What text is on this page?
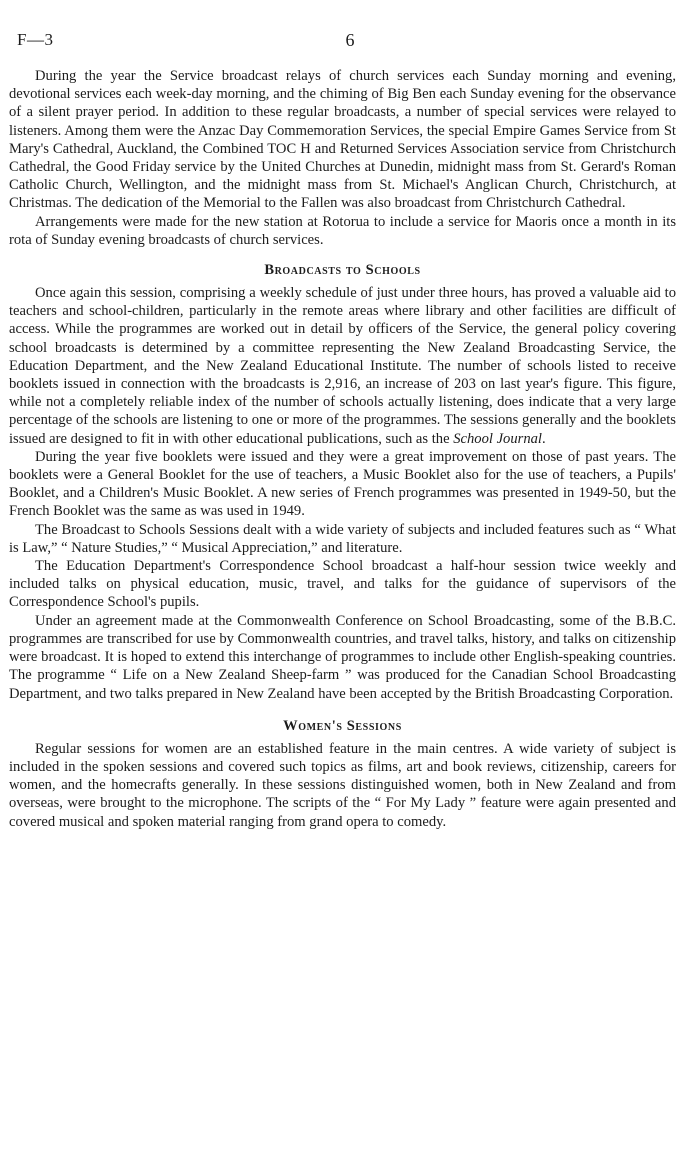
F—3	6

During the year the Service broadcast relays of church services each Sunday morning and evening, devotional services each week-day morning, and the chiming of Big Ben each Sunday evening for the observance of a silent prayer period. In addition to these regular broadcasts, a number of special services were relayed to listeners. Among them were the Anzac Day Commemoration Services, the special Empire Games Service from St Mary's Cathedral, Auckland, the Combined TOC H and Returned Services Association service from Christchurch Cathedral, the Good Friday service by the United Churches at Dunedin, midnight mass from St. Gerard's Roman Catholic Church, Wellington, and the midnight mass from St. Michael's Anglican Church, Christchurch, at Christmas. The dedication of the Memorial to the Fallen was also broadcast from Christchurch Cathedral.

Arrangements were made for the new station at Rotorua to include a service for Maoris once a month in its rota of Sunday evening broadcasts of church services.

Broadcasts to Schools

Once again this session, comprising a weekly schedule of just under three hours, has proved a valuable aid to teachers and school-children, particularly in the remote areas where library and other facilities are difficult of access. While the programmes are worked out in detail by officers of the Service, the general policy covering school broadcasts is determined by a committee representing the New Zealand Broadcasting Service, the Education Department, and the New Zealand Educational Institute. The number of schools listed to receive booklets issued in connection with the broadcasts is 2,916, an increase of 203 on last year's figure. This figure, while not a completely reliable index of the number of schools actually listening, does indicate that a very large percentage of the schools are listening to one or more of the programmes. The sessions generally and the booklets issued are designed to fit in with other educational publications, such as the School Journal.

During the year five booklets were issued and they were a great improvement on those of past years. The booklets were a General Booklet for the use of teachers, a Music Booklet also for the use of teachers, a Pupils' Booklet, and a Children's Music Booklet. A new series of French programmes was presented in 1949-50, but the French Booklet was the same as was used in 1949.

The Broadcast to Schools Sessions dealt with a wide variety of subjects and included features such as “ What is Law,” “ Nature Studies,” “ Musical Appreciation,” and literature.

The Education Department's Correspondence School broadcast a half-hour session twice weekly and included talks on physical education, music, travel, and talks for the guidance of supervisors of the Correspondence School's pupils.

Under an agreement made at the Commonwealth Conference on School Broadcasting, some of the B.B.C. programmes are transcribed for use by Commonwealth countries, and travel talks, history, and talks on citizenship were broadcast. It is hoped to extend this interchange of programmes to include other English-speaking countries. The programme “ Life on a New Zealand Sheep-farm ” was produced for the Canadian School Broadcasting Department, and two talks prepared in New Zealand have been accepted by the British Broadcasting Corporation.

Women's Sessions

Regular sessions for women are an established feature in the main centres. A wide variety of subject is included in the spoken sessions and covered such topics as films, art and book reviews, citizenship, careers for women, and the homecrafts generally. In these sessions distinguished women, both in New Zealand and from overseas, were brought to the microphone. The scripts of the “ For My Lady ” feature were again presented and covered musical and spoken material ranging from grand opera to comedy.
